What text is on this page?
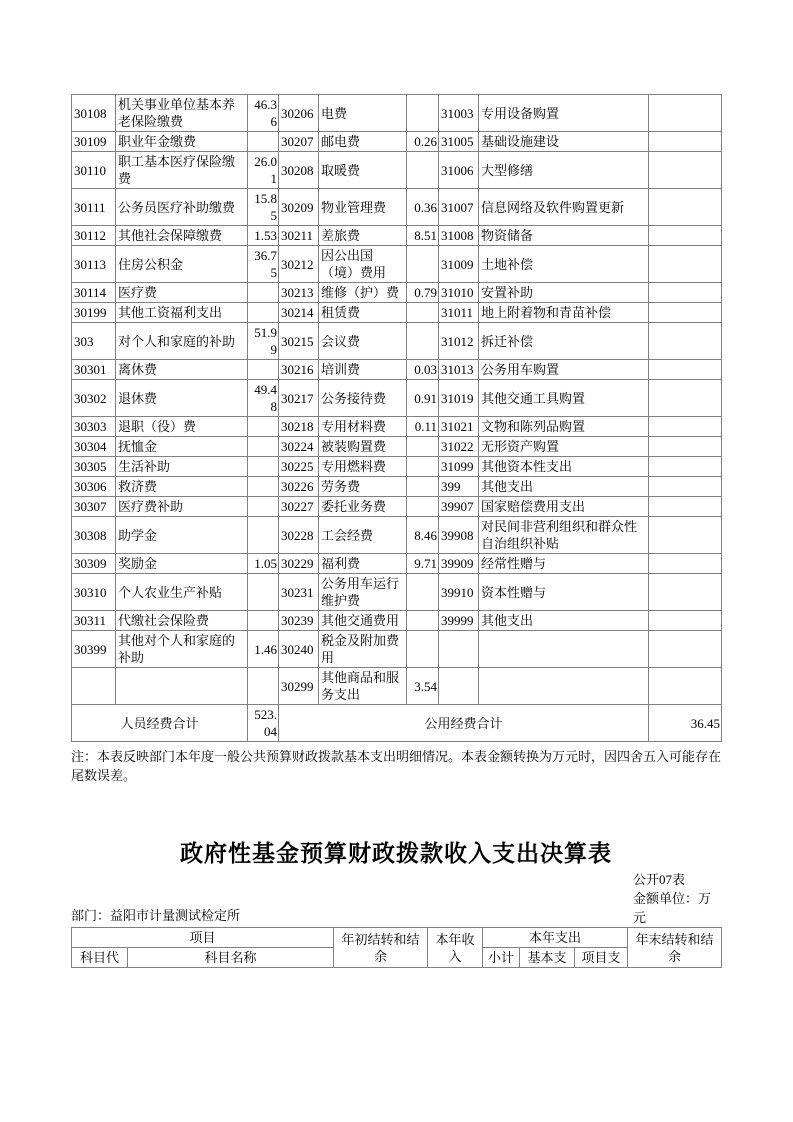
30108	机关事业单位基本养老保险缴费	46.36	30206	电费		31003	专用设备购置	
30109	职业年金缴费		30207	邮电费	0.26	31005	基础设施建设	
30110	职工基本医疗保险缴费	26.01	30208	取暖费		31006	大型修缮	
30111	公务员医疗补助缴费	15.85	30209	物业管理费	0.36	31007	信息网络及软件购置更新	
30112	其他社会保障缴费	1.53	30211	差旅费	8.51	31008	物资储备	
30113	住房公积金	36.75	30212	因公出国（境）费用		31009	土地补偿	
30114	医疗费		30213	维修（护）费	0.79	31010	安置补助	
30199	其他工资福利支出		30214	租赁费		31011	地上附着物和青苗补偿	
303	对个人和家庭的补助	51.99	30215	会议费		31012	拆迁补偿	
30301	离休费		30216	培训费	0.03	31013	公务用车购置	
30302	退休费	49.48	30217	公务接待费	0.91	31019	其他交通工具购置	
30303	退职（役）费		30218	专用材料费	0.11	31021	文物和陈列品购置	
30304	抚恤金		30224	被装购置费		31022	无形资产购置	
30305	生活补助		30225	专用燃料费		31099	其他资本性支出	
30306	救济费		30226	劳务费		399	其他支出	
30307	医疗费补助		30227	委托业务费		39907	国家赔偿费用支出	
30308	助学金		30228	工会经费	8.46	39908	对民间非营利组织和群众性自治组织补贴	
30309	奖励金	1.05	30229	福利费	9.71	39909	经常性赠与	
30310	个人农业生产补贴		30231	公务用车运行维护费		39910	资本性赠与	
30311	代缴社会保险费		30239	其他交通费用		39999	其他支出	
30399	其他对个人和家庭的补助	1.46	30240	税金及附加费用				
			30299	其他商品和服务支出	3.54			
人员经费合计		523.04	公用经费合计					36.45

注：本表反映部门本年度一般公共预算财政拨款基本支出明细情况。本表金额转换为万元时，因四舍五入可能存在尾数误差。

政府性基金预算财政拨款收入支出决算表
部门：益阳市计量测试检定所
公开07表
金额单位：万元
项目		年初结转和结余	本年收入	本年支出			年末结转和结余
科目代	科目名称			小计	基本支	项目支	
